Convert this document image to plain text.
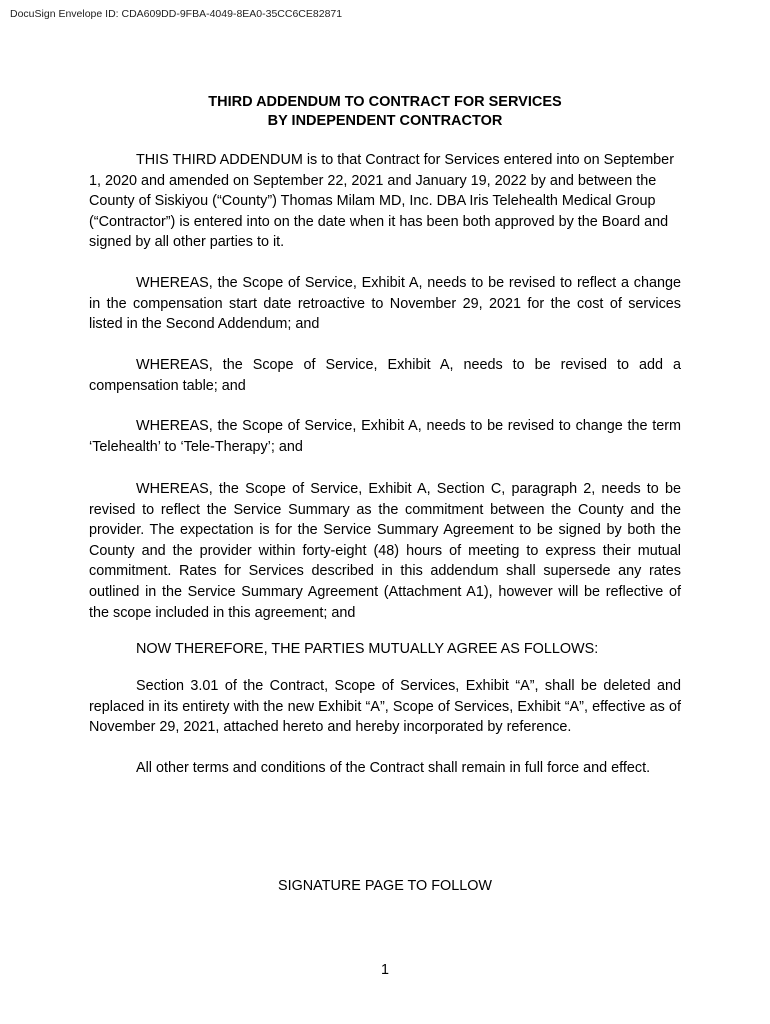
DocuSign Envelope ID: CDA609DD-9FBA-4049-8EA0-35CC6CE82871
THIRD ADDENDUM TO CONTRACT FOR SERVICES
BY INDEPENDENT CONTRACTOR

THIS THIRD ADDENDUM is to that Contract for Services entered into on September 1, 2020 and amended on September 22, 2021 and January 19, 2022 by and between the County of Siskiyou (“County”) Thomas Milam MD, Inc. DBA Iris Telehealth Medical Group (“Contractor”) is entered into on the date when it has been both approved by the Board and signed by all other parties to it.

WHEREAS, the Scope of Service, Exhibit A, needs to be revised to reflect a change in the compensation start date retroactive to November 29, 2021 for the cost of services listed in the Second Addendum; and

WHEREAS, the Scope of Service, Exhibit A, needs to be revised to add a compensation table; and

WHEREAS, the Scope of Service, Exhibit A, needs to be revised to change the term ‘Telehealth’ to ‘Tele-Therapy’; and

WHEREAS, the Scope of Service, Exhibit A, Section C, paragraph 2, needs to be revised to reflect the Service Summary as the commitment between the County and the provider. The expectation is for the Service Summary Agreement to be signed by both the County and the provider within forty-eight (48) hours of meeting to express their mutual commitment. Rates for Services described in this addendum shall supersede any rates outlined in the Service Summary Agreement (Attachment A1), however will be reflective of the scope included in this agreement; and

NOW THEREFORE, THE PARTIES MUTUALLY AGREE AS FOLLOWS:

Section 3.01 of the Contract, Scope of Services, Exhibit “A”, shall be deleted and replaced in its entirety with the new Exhibit “A”, Scope of Services, Exhibit “A”, effective as of November 29, 2021, attached hereto and hereby incorporated by reference.

All other terms and conditions of the Contract shall remain in full force and effect.

SIGNATURE PAGE TO FOLLOW
1
